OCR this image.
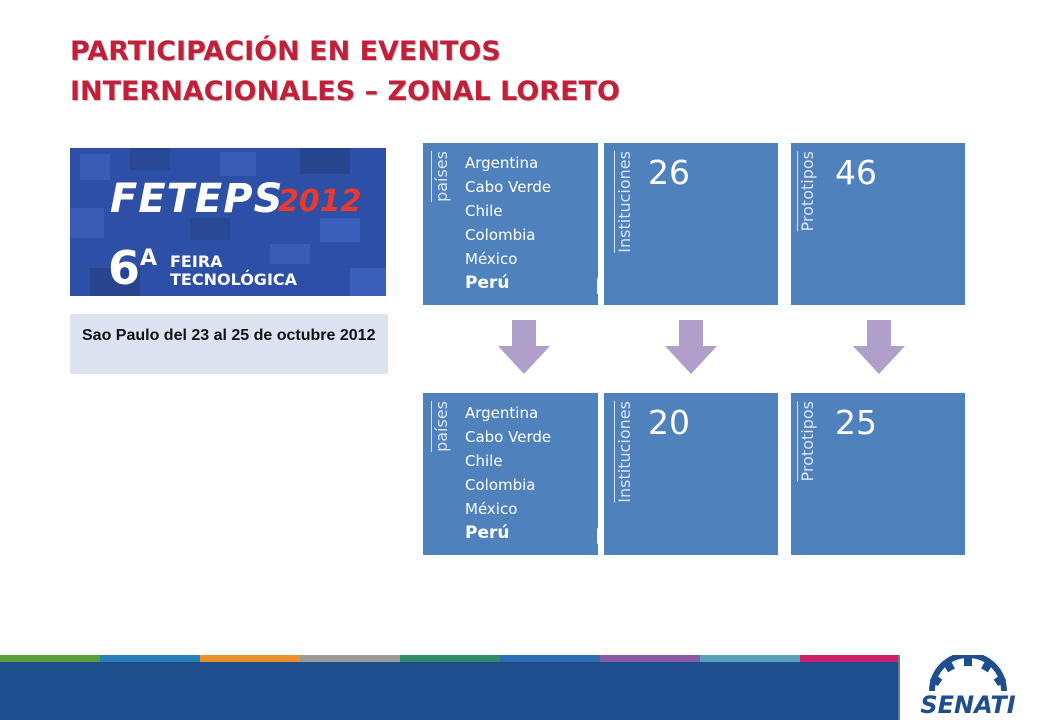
PARTICIPACIÓN EN EVENTOS
INTERNACIONALES – ZONAL LORETO
FETEPS
2012
6 A FEIRA
TECNOLÓGICA
Sao Paulo del 23 al 25 de octubre 2012
países Argentina
Cabo Verde
Chile
Colombia
México
Perú
Instituciones 26	Prototipos 46
países Argentina
Cabo Verde
Chile
Colombia
México
Perú
Instituciones 20	Prototipos 25
SENATI
